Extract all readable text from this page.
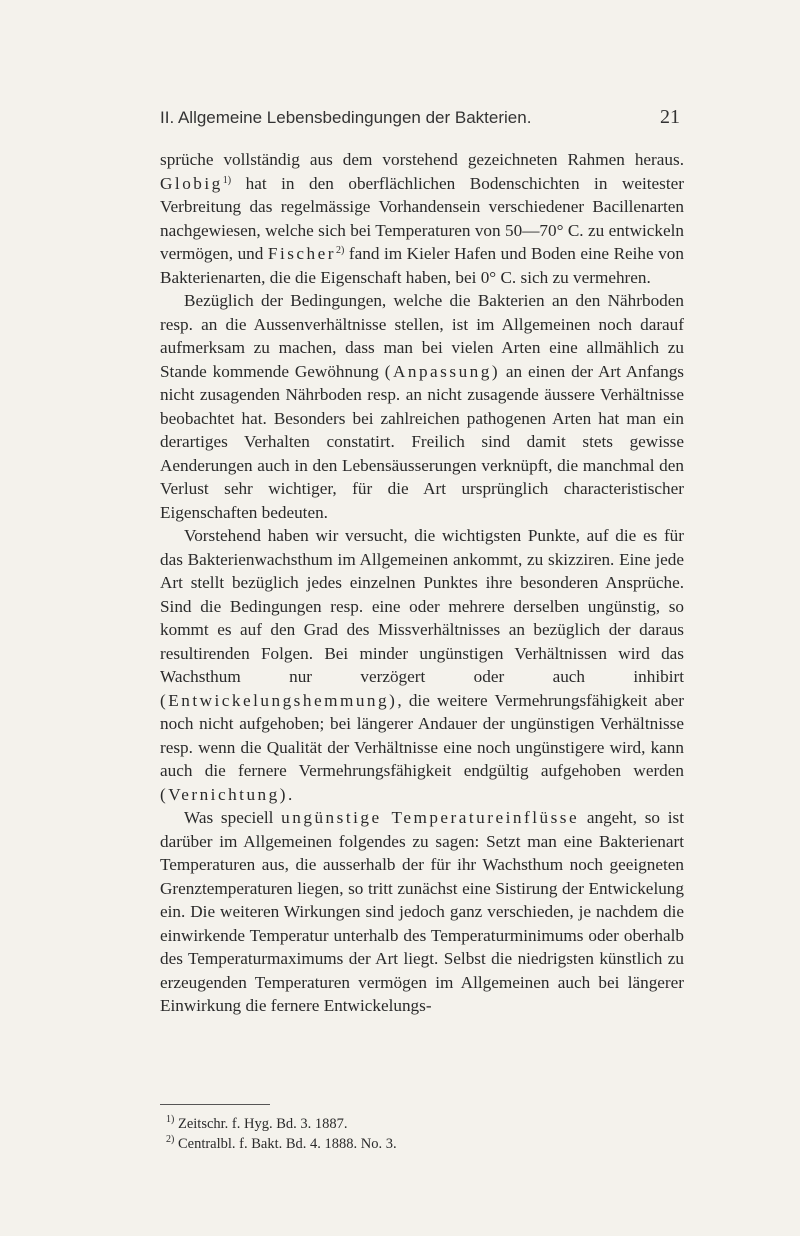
II. Allgemeine Lebensbedingungen der Bakterien.	21

sprüche vollständig aus dem vorstehend gezeichneten Rahmen heraus. Globig$^{1)}$ hat in den oberflächlichen Bodenschichten in weitester Verbreitung das regelmässige Vorhandensein verschiedener Bacillenarten nachgewiesen, welche sich bei Temperaturen von 50—70° C. zu entwickeln vermögen, und Fischer$^{2)}$ fand im Kieler Hafen und Boden eine Reihe von Bakterienarten, die die Eigenschaft haben, bei 0° C. sich zu vermehren.

Bezüglich der Bedingungen, welche die Bakterien an den Nährboden resp. an die Aussenverhältnisse stellen, ist im Allgemeinen noch darauf aufmerksam zu machen, dass man bei vielen Arten eine allmählich zu Stande kommende Gewöhnung (Anpassung) an einen der Art Anfangs nicht zusagenden Nährboden resp. an nicht zusagende äussere Verhältnisse beobachtet hat. Besonders bei zahlreichen pathogenen Arten hat man ein derartiges Verhalten constatirt. Freilich sind damit stets gewisse Aenderungen auch in den Lebensäusserungen verknüpft, die manchmal den Verlust sehr wichtiger, für die Art ursprünglich characteristischer Eigenschaften bedeuten.

Vorstehend haben wir versucht, die wichtigsten Punkte, auf die es für das Bakterienwachsthum im Allgemeinen ankommt, zu skizziren. Eine jede Art stellt bezüglich jedes einzelnen Punktes ihre besonderen Ansprüche. Sind die Bedingungen resp. eine oder mehrere derselben ungünstig, so kommt es auf den Grad des Missverhältnisses an bezüglich der daraus resultirenden Folgen. Bei minder ungünstigen Verhältnissen wird das Wachsthum nur verzögert oder auch inhibirt (Entwickelungshemmung), die weitere Vermehrungsfähigkeit aber noch nicht aufgehoben; bei längerer Andauer der ungünstigen Verhältnisse resp. wenn die Qualität der Verhältnisse eine noch ungünstigere wird, kann auch die fernere Vermehrungsfähigkeit endgültig aufgehoben werden (Vernichtung).

Was speciell ungünstige Temperatureinflüsse angeht, so ist darüber im Allgemeinen folgendes zu sagen: Setzt man eine Bakterienart Temperaturen aus, die ausserhalb der für ihr Wachsthum noch geeigneten Grenztemperaturen liegen, so tritt zunächst eine Sistirung der Entwickelung ein. Die weiteren Wirkungen sind jedoch ganz verschieden, je nachdem die einwirkende Temperatur unterhalb des Temperaturminimums oder oberhalb des Temperaturmaximums der Art liegt. Selbst die niedrigsten künstlich zu erzeugenden Temperaturen vermögen im Allgemeinen auch bei längerer Einwirkung die fernere Entwickelungs-

$^{1)}$ Zeitschr. f. Hyg. Bd. 3. 1887.
$^{2)}$ Centralbl. f. Bakt. Bd. 4. 1888. No. 3.
